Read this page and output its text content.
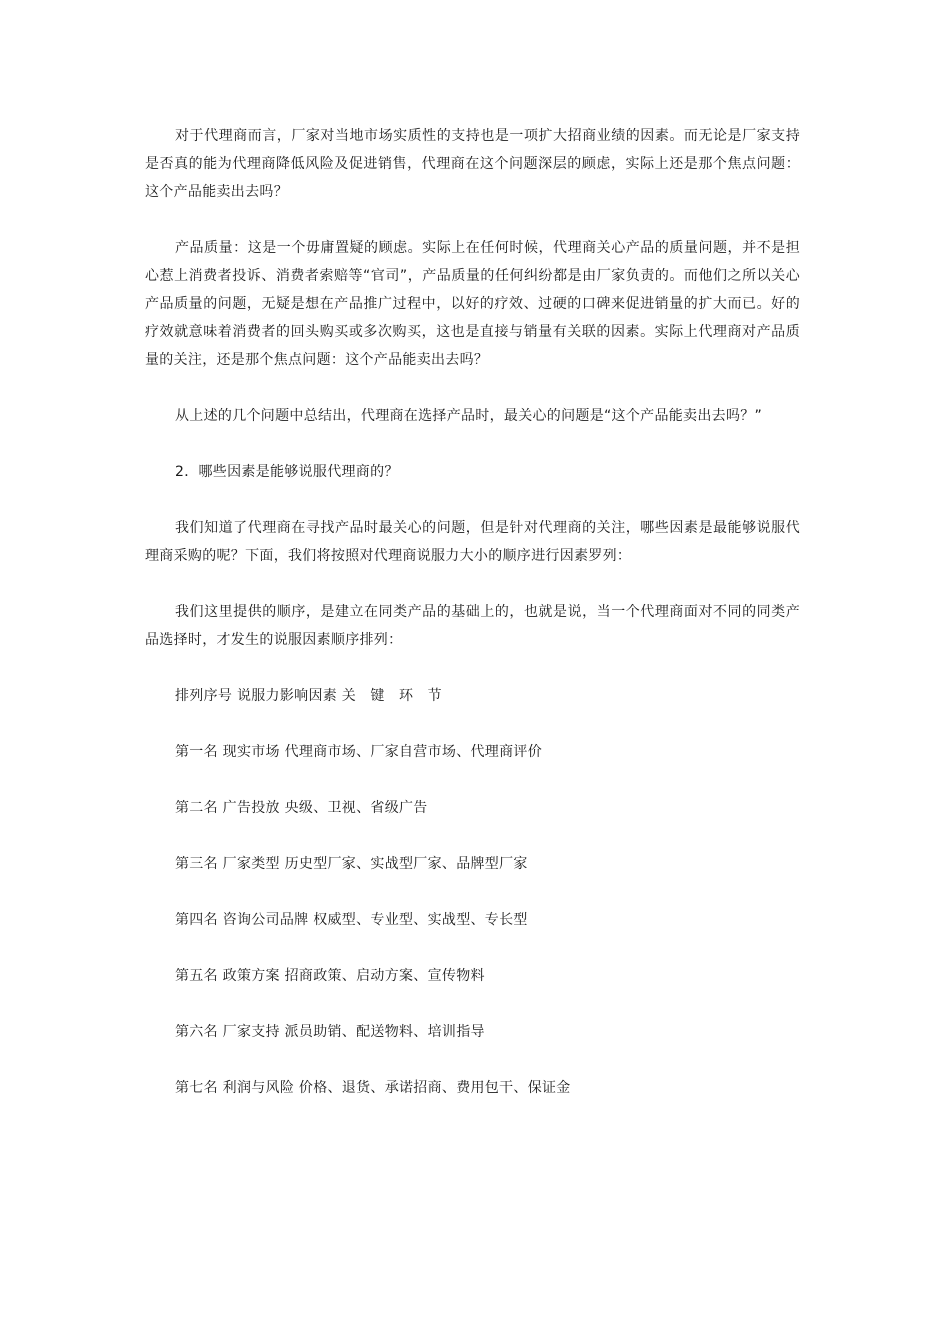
对于代理商而言，厂家对当地市场实质性的支持也是一项扩大招商业绩的因素。而无论是厂家支持是否真的能为代理商降低风险及促进销售，代理商在这个问题深层的顾虑，实际上还是那个焦点问题：这个产品能卖出去吗？

产品质量：这是一个毋庸置疑的顾虑。实际上在任何时候，代理商关心产品的质量问题，并不是担心惹上消费者投诉、消费者索赔等“官司”，产品质量的任何纠纷都是由厂家负责的。而他们之所以关心产品质量的问题，无疑是想在产品推广过程中，以好的疗效、过硬的口碑来促进销量的扩大而已。好的疗效就意味着消费者的回头购买或多次购买，这也是直接与销量有关联的因素。实际上代理商对产品质量的关注，还是那个焦点问题：这个产品能卖出去吗？

从上述的几个问题中总结出，代理商在选择产品时，最关心的问题是“这个产品能卖出去吗？”

2．哪些因素是能够说服代理商的？

我们知道了代理商在寻找产品时最关心的问题，但是针对代理商的关注，哪些因素是最能够说服代理商采购的呢？下面，我们将按照对代理商说服力大小的顺序进行因素罗列：

我们这里提供的顺序，是建立在同类产品的基础上的，也就是说，当一个代理商面对不同的同类产品选择时，才发生的说服因素顺序排列：

排列序号 说服力影响因素 关　键　环　节

第一名 现实市场 代理商市场、厂家自营市场、代理商评价

第二名 广告投放 央级、卫视、省级广告

第三名 厂家类型 历史型厂家、实战型厂家、品牌型厂家

第四名 咨询公司品牌 权威型、专业型、实战型、专长型

第五名 政策方案 招商政策、启动方案、宣传物料

第六名 厂家支持 派员助销、配送物料、培训指导

第七名 利润与风险 价格、退货、承诺招商、费用包干、保证金
